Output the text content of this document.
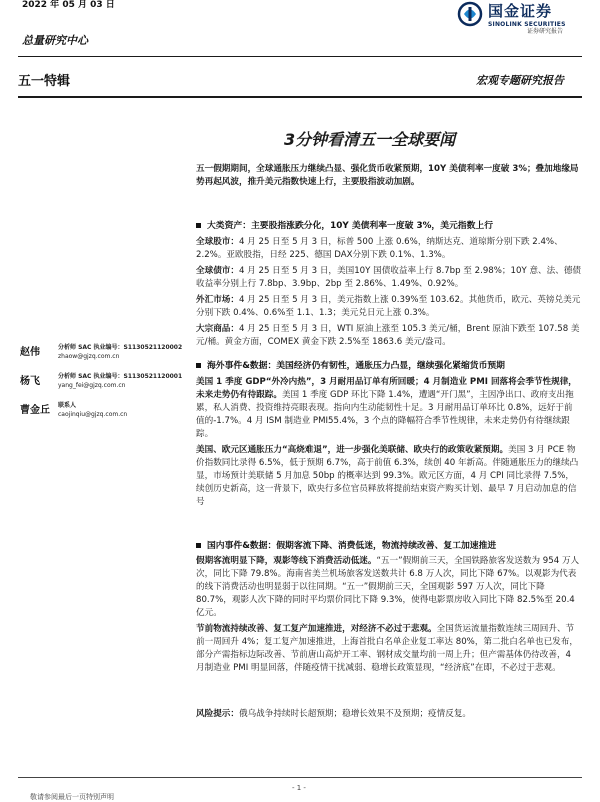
2022 年 05 月 03 日
总量研究中心
国金证券
SINOLINK SECURITIES
证券研究报告
五一特辑	宏观专题研究报告
3分钟看清五一全球要闻
五一假期期间，全球通胀压力继续凸显、强化货币收紧预期，10Y 美债利率一度破 3%；叠加地缘局势再起风波，推升美元指数快速上行，主要股指波动加剧。
大类资产：主要股指涨跌分化，10Y 美债利率一度破 3%，美元指数上行

全球股市：4 月 25 日至 5 月 3 日，标普 500 上涨 0.6%，纳斯达克、道琼斯分别下跌 2.4%、2.2%。亚欧股指，日经 225、德国 DAX分别下跌 0.1%、1.3%。

全球债市：4 月 25 日至 5 月 3 日，美国10Y 国债收益率上行 8.7bp 至 2.98%；10Y 意、法、德债收益率分别上行 7.8bp、3.9bp、2bp 至 2.86%、1.49%、0.92%。

外汇市场：4 月 25 日至 5 月 3 日，美元指数上涨 0.39%至 103.62。其他货币，欧元、英镑兑美元分别下跌 0.4%、0.6%至 1.1、1.3；美元兑日元上涨 0.3%。

大宗商品：4 月 25 日至 5 月 3 日，WTI 原油上涨至 105.3 美元/桶，Brent 原油下跌至 107.58 美元/桶。黄金方面，COMEX 黄金下跌 2.5%至 1863.6 美元/盎司。

海外事件&数据：美国经济仍有韧性，通胀压力凸显，继续强化紧缩货币预期

美国 1 季度 GDP“外冷内热”，3 月耐用品订单有所回暖；4 月制造业 PMI 回落将会季节性规律，未来走势仍有待跟踪。美国 1 季度 GDP 环比下降 1.4%，遭遇“开门黑”，主因净出口、政府支出拖累，私人消费、投资维持亮眼表现。指向内生动能韧性十足。3 月耐用品订单环比 0.8%，远好于前值的-1.7%。4 月 ISM 制造业 PMI55.4%，3 个点的降幅符合季节性规律，未来走势仍有待继续跟踪。

美国、欧元区通胀压力“高烧难退”，进一步强化美联储、欧央行的政策收紧预期。美国 3 月 PCE 物价指数同比录得 6.5%，低于预期 6.7%，高于前值 6.3%，续创 40 年新高。伴随通胀压力的继续凸显，市场预计美联储 5 月加息 50bp 的概率达到 99.3%。欧元区方面，4 月 CPI 同比录得 7.5%，续创历史新高，这一背景下，欧央行多位官员释放将提前结束资产购买计划、最早 7 月启动加息的信号

国内事件&数据：假期客流下降、消费低迷，物流持续改善、复工加速推进

假期客流明显下降，观影等线下消费活动低迷。“五一”假期前三天，全国铁路旅客发送数为 954 万人次，同比下降 79.8%。海南省美兰机场旅客发送数共计 6.8 万人次，同比下降 67%。以观影为代表的线下消费活动也明显弱于以往同期。“五一”假期前三天，全国观影 597 万人次，同比下降 80.7%，观影人次下降的同时平均票价同比下降 9.3%，使得电影票房收入同比下降 82.5%至 20.4 亿元。

节前物流持续改善、复工复产加速推进，对经济不必过于悲观。全国货运流量指数连续三周回升、节前一周回升 4%；复工复产加速推进，上海首批白名单企业复工率达 80%，第二批白名单也已发布，部分产需指标边际改善、节前唐山高炉开工率、钢材成交量均前一周上升；但产需基体仍待改善，4 月制造业 PMI 明显回落，伴随疫情干扰减弱、稳增长政策显现，“经济底”在即，不必过于悲观。

风险提示：俄乌战争持续时长超预期；稳增长效果不及预期；疫情反复。
赵伟	分析师 SAC 执业编号：S1130521120002
zhaow@gjzq.com.cn
杨飞	分析师 SAC 执业编号：S1130521120001
yang_fei@gjzq.com.cn
曹金丘	联系人
caojinqiu@gjzq.com.cn
- 1 -
敬请参阅最后一页特别声明
